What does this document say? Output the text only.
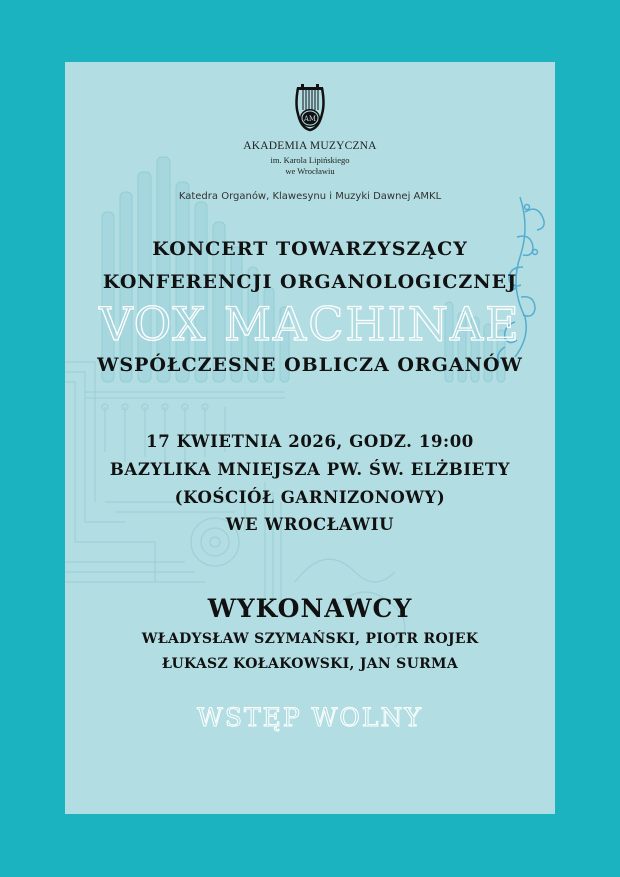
AM
AKADEMIA MUZYCZNA
im. Karola Lipińskiego
we Wrocławiu
Katedra Organów, Klawesynu i Muzyki Dawnej AMKL
KONCERT TOWARZYSZĄCY
KONFERENCJI ORGANOLOGICZNEJ
VOX MACHINAE
WSPÓŁCZESNE OBLICZA ORGANÓW
17 KWIETNIA 2026, GODZ. 19:00
BAZYLIKA MNIEJSZA PW. ŚW. ELŻBIETY
(KOŚCIÓŁ GARNIZONOWY)
WE WROCŁAWIU
WYKONAWCY
WŁADYSŁAW SZYMAŃSKI, PIOTR ROJEK
ŁUKASZ KOŁAKOWSKI, JAN SURMA
WSTĘP WOLNY
